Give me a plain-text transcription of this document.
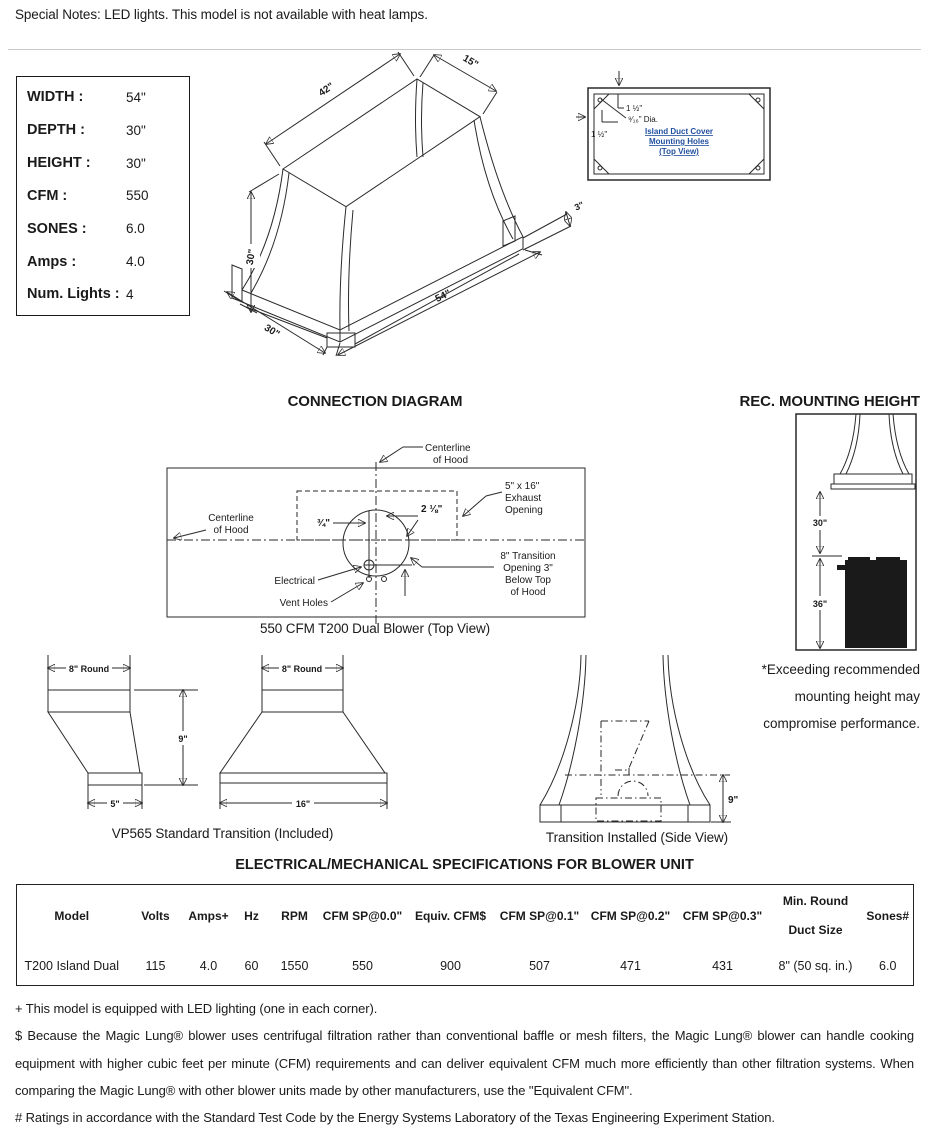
Special Notes: LED lights. This model is not available with heat lamps.
WIDTH :	54"
DEPTH :	30"
HEIGHT :	30"
CFM :	550
SONES :	6.0
Amps :	4.0
Num. Lights : 4
42"
15"
30"
30"
54"
3"
1 ½"
1 ½"
⁹⁄₁₆" Dia.
Island Duct Cover
Mounting Holes
(Top View)
CONNECTION DIAGRAM	REC. MOUNTING HEIGHT
¾"
2 ⅛"
5" x 16"
Exhaust
Opening
Centerline
of Hood
Centerline
of Hood
Electrical
Vent Holes
8" Transition
Opening 3"
Below Top
of Hood
550 CFM T200 Dual Blower (Top View)
30"
36"
*Exceeding recommended
mounting height may
compromise performance.
8" Round
5"
9"
8" Round
16"
VP565 Standard Transition (Included)
9"
Transition Installed (Side View)
ELECTRICAL/MECHANICAL SPECIFICATIONS FOR BLOWER UNIT
Model	Volts	Amps+	Hz	RPM	CFM SP@0.0"	Equiv. CFM$	CFM SP@0.1"	CFM SP@0.2"	CFM SP@0.3"	Min. Round
Duct Size	Sones#
T200 Island Dual	115	4.0	60	1550	550	900	507	471	431	8" (50 sq. in.)	6.0

+ This model is equipped with LED lighting (one in each corner).

$ Because the Magic Lung® blower uses centrifugal filtration rather than conventional baffle or mesh filters, the Magic Lung® blower can handle cooking equipment with higher cubic feet per minute (CFM) requirements and can deliver equivalent CFM much more efficiently than other filtration systems. When comparing the Magic Lung® with other blower units made by other manufacturers, use the "Equivalent CFM".

# Ratings in accordance with the Standard Test Code by the Energy Systems Laboratory of the Texas Engineering Experiment Station.
